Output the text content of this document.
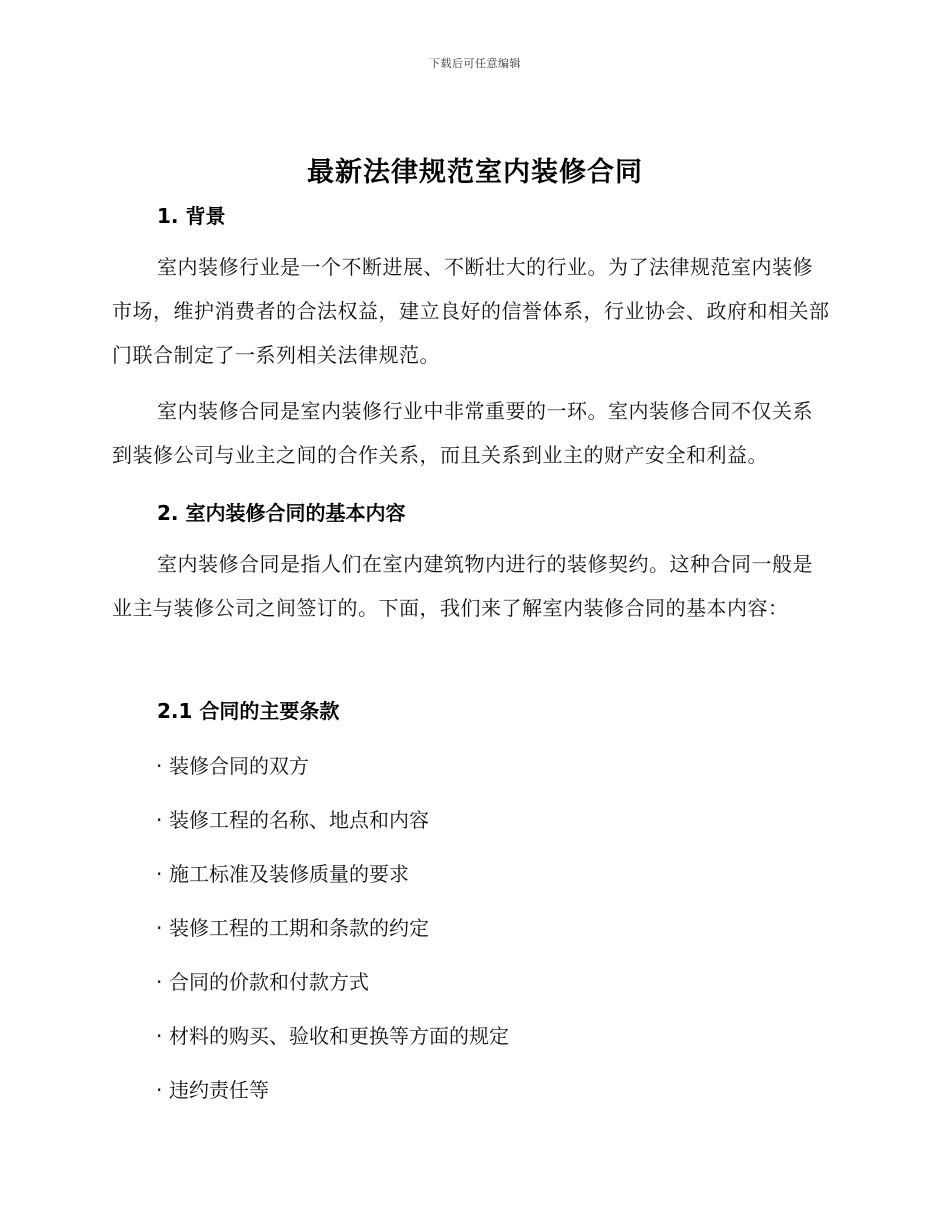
下载后可任意编辑
最新法律规范室内装修合同
1. 背景
室内装修行业是一个不断进展、不断壮大的行业。为了法律规范室内装修市场，维护消费者的合法权益，建立良好的信誉体系，行业协会、政府和相关部门联合制定了一系列相关法律规范。
室内装修合同是室内装修行业中非常重要的一环。室内装修合同不仅关系到装修公司与业主之间的合作关系，而且关系到业主的财产安全和利益。
2. 室内装修合同的基本内容
室内装修合同是指人们在室内建筑物内进行的装修契约。这种合同一般是业主与装修公司之间签订的。下面，我们来了解室内装修合同的基本内容：
2.1 合同的主要条款
· 装修合同的双方
· 装修工程的名称、地点和内容
· 施工标准及装修质量的要求
· 装修工程的工期和条款的约定
· 合同的价款和付款方式
· 材料的购买、验收和更换等方面的规定
· 违约责任等
